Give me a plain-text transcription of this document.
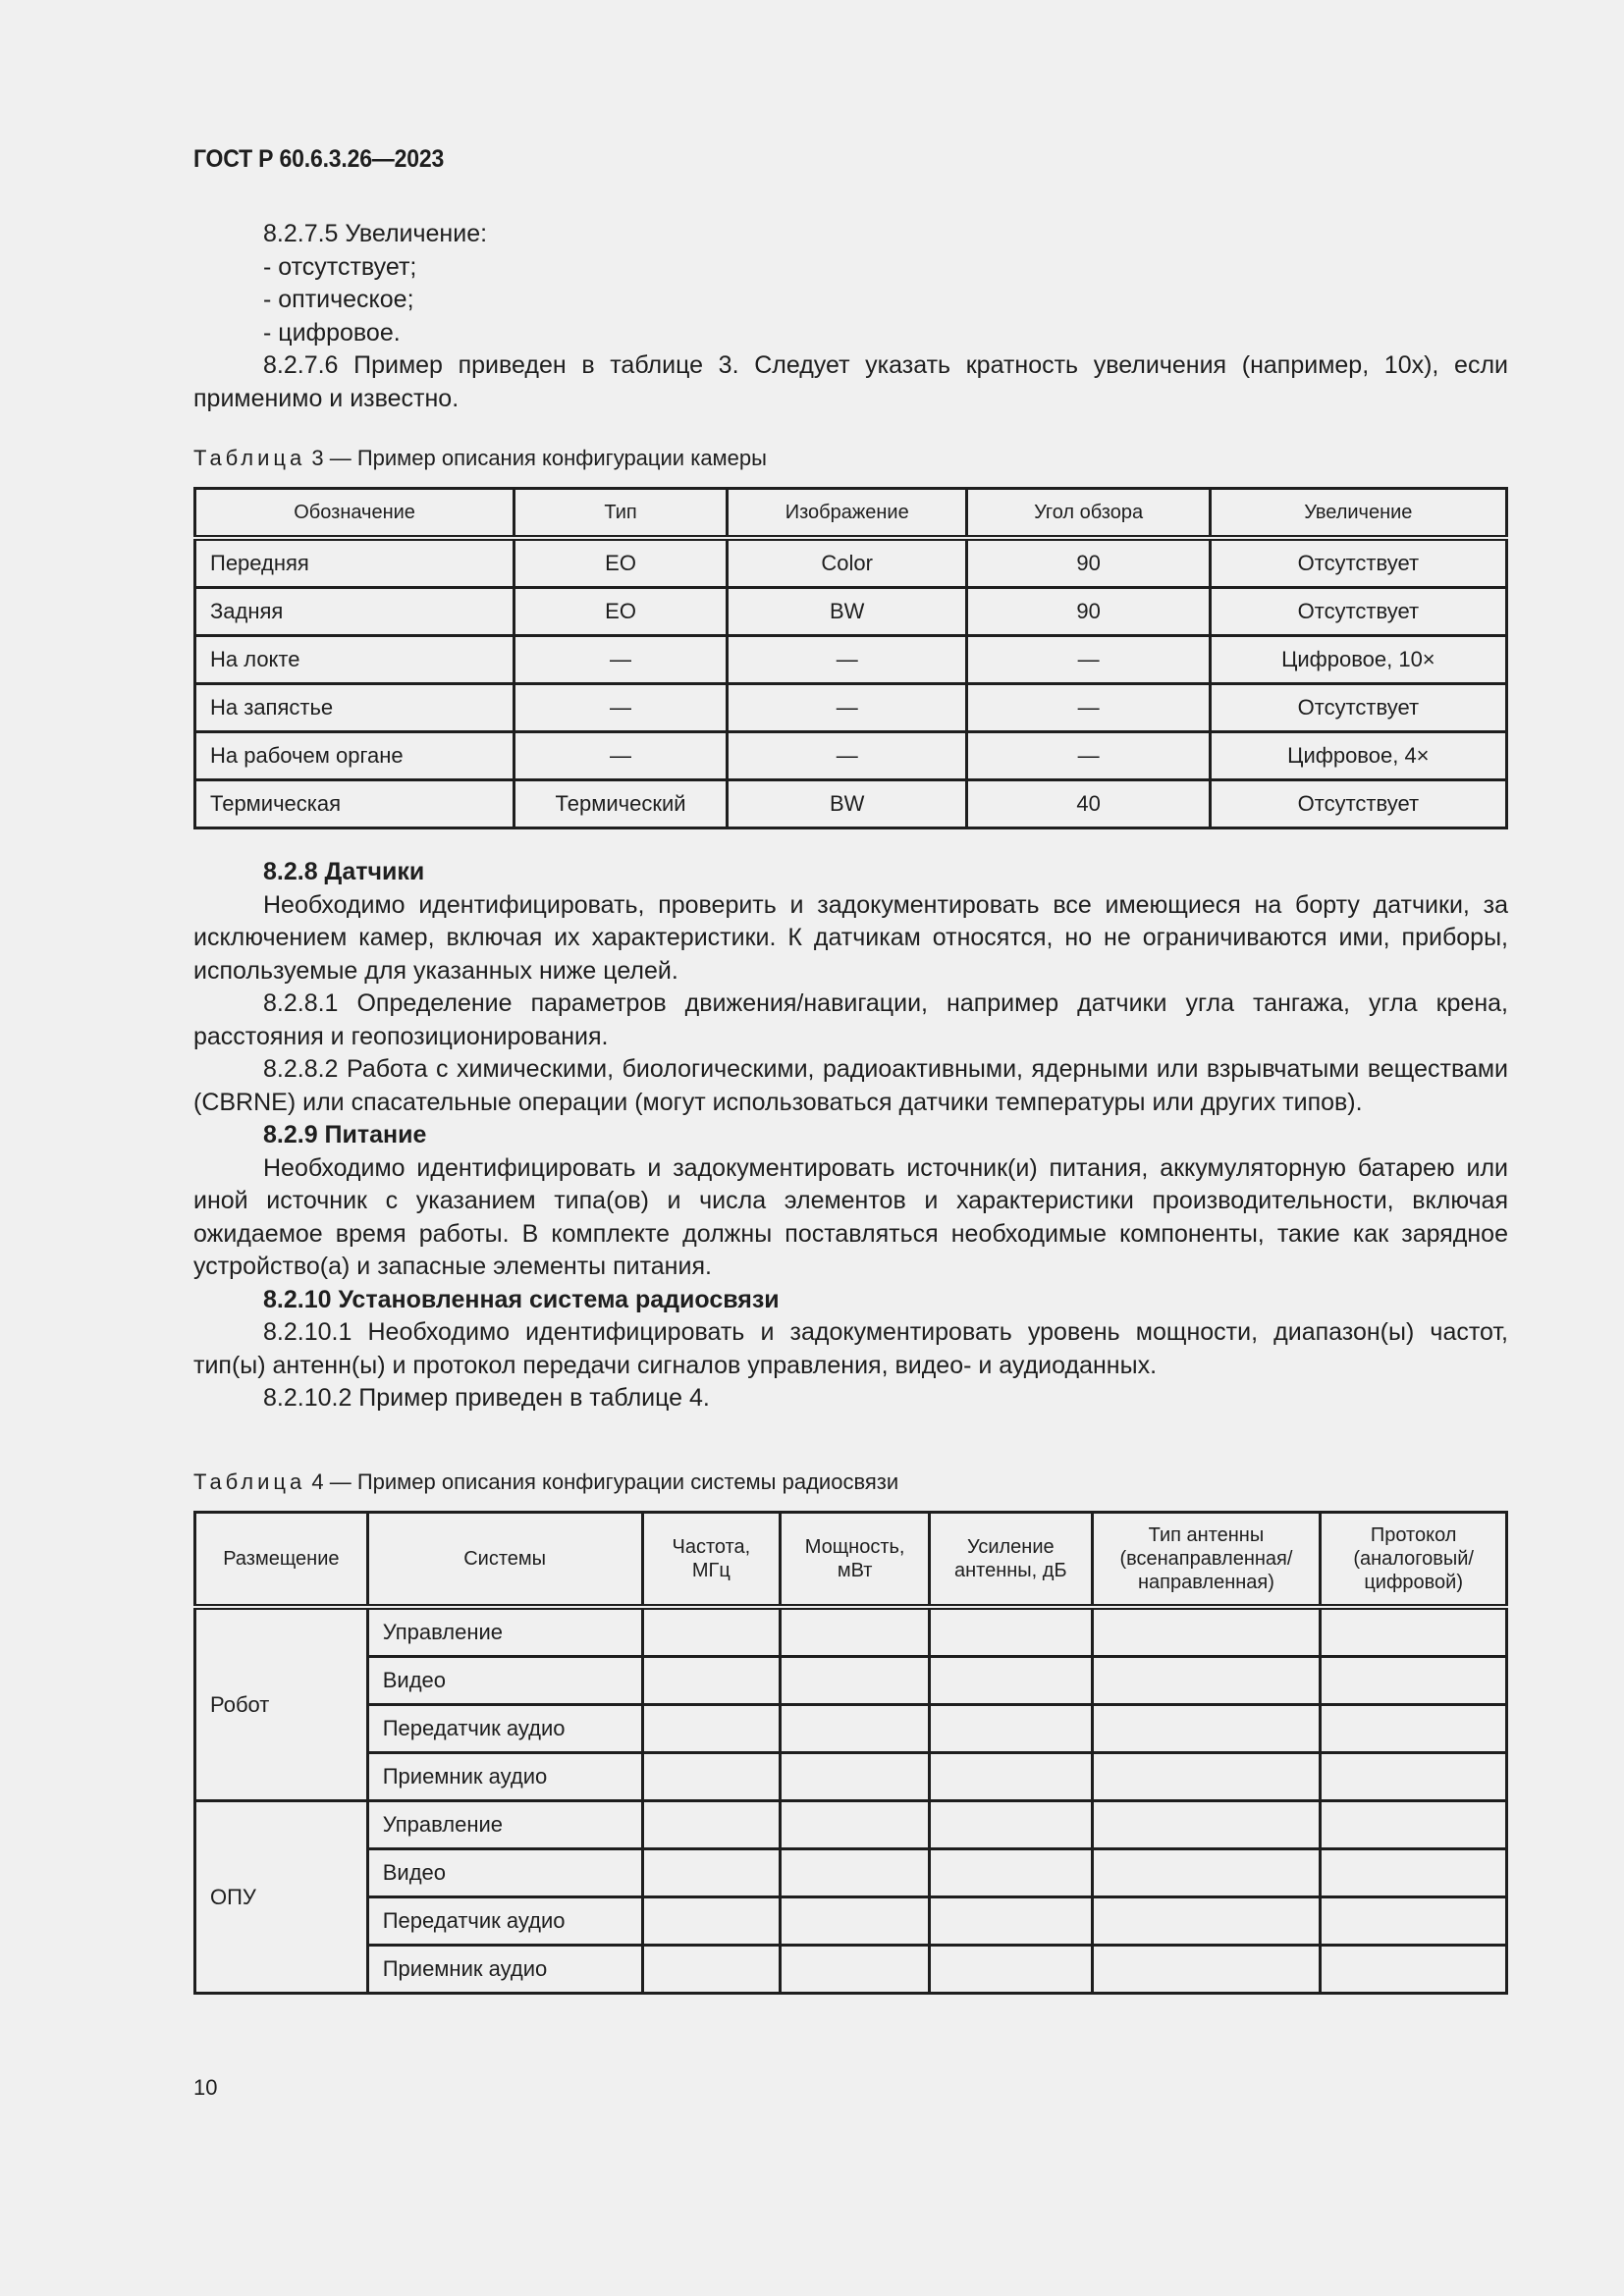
ГОСТ Р 60.6.3.26—2023

8.2.7.5 Увеличение:

- отсутствует;

- оптическое;

- цифровое.

8.2.7.6 Пример приведен в таблице 3. Следует указать кратность увеличения (например, 10x), если применимо и известно.

Таблица 3 — Пример описания конфигурации камеры
Обозначение	Тип	Изображение	Угол обзора	Увеличение
Передняя	EO	Color	90	Отсутствует
Задняя	EO	BW	90	Отсутствует
На локте	—	—	—	Цифровое, 10×
На запястье	—	—	—	Отсутствует
На рабочем органе	—	—	—	Цифровое, 4×
Термическая	Термический	BW	40	Отсутствует

8.2.8 Датчики

Необходимо идентифицировать, проверить и задокументировать все имеющиеся на борту датчики, за исключением камер, включая их характеристики. К датчикам относятся, но не ограничиваются ими, приборы, используемые для указанных ниже целей.

8.2.8.1 Определение параметров движения/навигации, например датчики угла тангажа, угла крена, расстояния и геопозиционирования.

8.2.8.2 Работа с химическими, биологическими, радиоактивными, ядерными или взрывчатыми веществами (CBRNE) или спасательные операции (могут использоваться датчики температуры или других типов).

8.2.9 Питание

Необходимо идентифицировать и задокументировать источник(и) питания, аккумуляторную батарею или иной источник с указанием типа(ов) и числа элементов и характеристики производительности, включая ожидаемое время работы. В комплекте должны поставляться необходимые компоненты, такие как зарядное устройство(а) и запасные элементы питания.

8.2.10 Установленная система радиосвязи

8.2.10.1 Необходимо идентифицировать и задокументировать уровень мощности, диапазон(ы) частот, тип(ы) антенн(ы) и протокол передачи сигналов управления, видео- и аудиоданных.

8.2.10.2 Пример приведен в таблице 4.

Таблица 4 — Пример описания конфигурации системы радиосвязи
Размещение	Системы	Частота, МГц	Мощность, мВт	Усиление антенны, дБ	Тип антенны (всенаправленная/ направленная)	Протокол (аналоговый/ цифровой)
Робот	Управление					
	Видео					
	Передатчик аудио					
	Приемник аудио					
ОПУ	Управление					
	Видео					
	Передатчик аудио					
	Приемник аудио					
10
